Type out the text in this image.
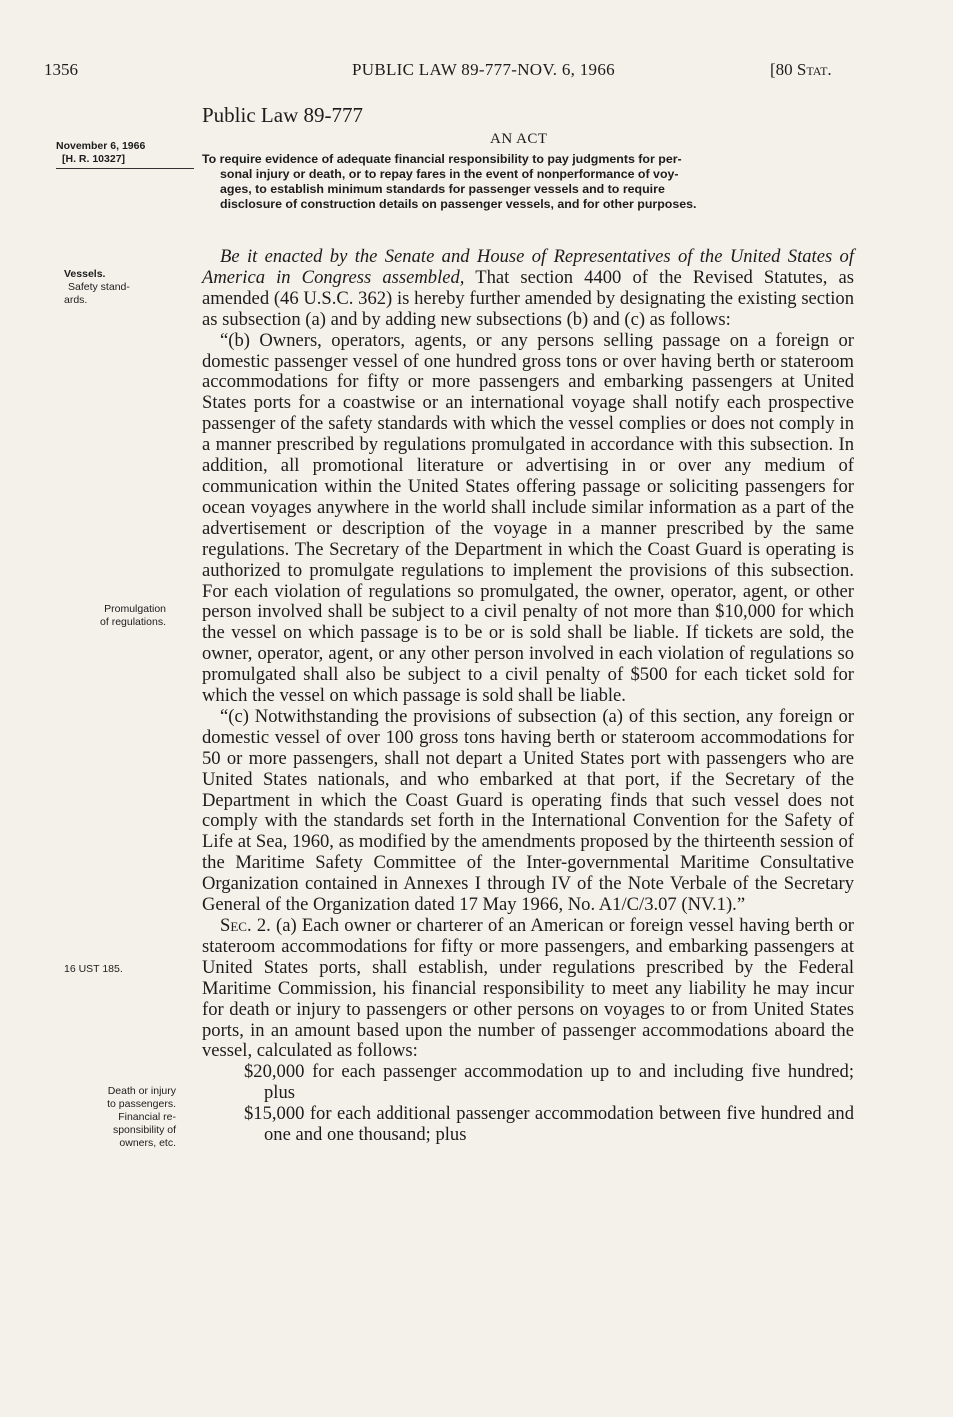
1356	PUBLIC LAW 89-777-NOV. 6, 1966	[80 Stat.
Public Law 89-777
November 6, 1966
[H. R. 10327]
AN ACT
To require evidence of adequate financial responsibility to pay judgments for per-
sonal injury or death, or to repay fares in the event of nonperformance of voy-
ages, to establish minimum standards for passenger vessels and to require
disclosure of construction details on passenger vessels, and for other purposes.
Vessels.
Safety stand-
ards.
Promulgation
of regulations.
16 UST 185.
Death or injury
to passengers.
Financial re-
sponsibility of
owners, etc.

Be it enacted by the Senate and House of Representatives of the United States of America in Congress assembled, That section 4400 of the Revised Statutes, as amended (46 U.S.C. 362) is hereby further amended by designating the existing section as subsection (a) and by adding new subsections (b) and (c) as follows:

“(b) Owners, operators, agents, or any persons selling passage on a foreign or domestic passenger vessel of one hundred gross tons or over having berth or stateroom accommodations for fifty or more passengers and embarking passengers at United States ports for a coastwise or an international voyage shall notify each prospective passenger of the safety standards with which the vessel complies or does not comply in a manner prescribed by regulations promulgated in accordance with this subsection. In addition, all promotional literature or advertising in or over any medium of communication within the United States offering passage or soliciting passengers for ocean voyages anywhere in the world shall include similar information as a part of the advertisement or description of the voyage in a manner prescribed by the same regulations. The Secretary of the Department in which the Coast Guard is operating is authorized to promulgate regulations to implement the provisions of this subsection. For each violation of regulations so promulgated, the owner, operator, agent, or other person involved shall be subject to a civil penalty of not more than $10,000 for which the vessel on which passage is to be or is sold shall be liable. If tickets are sold, the owner, operator, agent, or any other person involved in each violation of regulations so promulgated shall also be subject to a civil penalty of $500 for each ticket sold for which the vessel on which passage is sold shall be liable.

“(c) Notwithstanding the provisions of subsection (a) of this section, any foreign or domestic vessel of over 100 gross tons having berth or stateroom accommodations for 50 or more passengers, shall not depart a United States port with passengers who are United States nationals, and who embarked at that port, if the Secretary of the Department in which the Coast Guard is operating finds that such vessel does not comply with the standards set forth in the International Convention for the Safety of Life at Sea, 1960, as modified by the amendments proposed by the thirteenth session of the Maritime Safety Committee of the Inter-governmental Maritime Consultative Organization contained in Annexes I through IV of the Note Verbale of the Secretary General of the Organization dated 17 May 1966, No. A1/C/3.07 (NV.1).”

Sec. 2. (a) Each owner or charterer of an American or foreign vessel having berth or stateroom accommodations for fifty or more passengers, and embarking passengers at United States ports, shall establish, under regulations prescribed by the Federal Maritime Commission, his financial responsibility to meet any liability he may incur for death or injury to passengers or other persons on voyages to or from United States ports, in an amount based upon the number of passenger accommodations aboard the vessel, calculated as follows:

$20,000 for each passenger accommodation up to and including five hundred; plus

$15,000 for each additional passenger accommodation between five hundred and one and one thousand; plus
